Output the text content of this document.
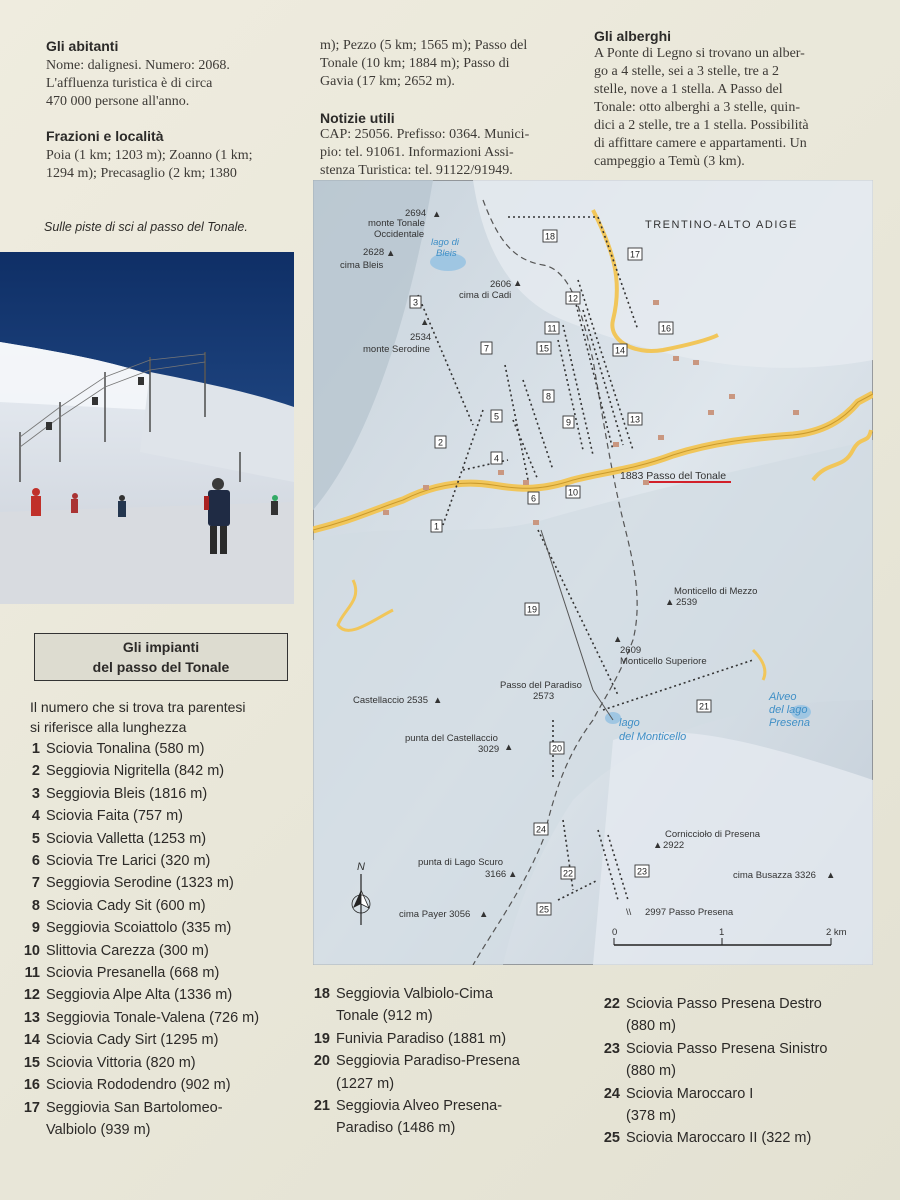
Gli abitanti
Nome: dalignesi. Numero: 2068.
L'affluenza turistica è di circa
470 000 persone all'anno.
Frazioni e località
Poia (1 km; 1203 m); Zoanno (1 km;
1294 m); Precasaglio (2 km; 1380
m); Pezzo (5 km; 1565 m); Passo del
Tonale (10 km; 1884 m); Passo di
Gavia (17 km; 2652 m).
Notizie utili
CAP: 25056. Prefisso: 0364. Munici-
pio: tel. 91061. Informazioni Assi-
stenza Turistica: tel. 91122/91949.
Gli alberghi
A Ponte di Legno si trovano un alber-
go a 4 stelle, sei a 3 stelle, tre a 2
stelle, nove a 1 stella. A Passo del
Tonale: otto alberghi a 3 stelle, quin-
dici a 2 stelle, tre a 1 stella. Possibilità
di affittare camere e appartamenti. Un
campeggio a Temù (3 km).
Sulle piste di sci al passo del Tonale.
Gli impianti
del passo del Tonale
Il numero che si trova tra parentesi
si riferisce alla lunghezza
1 Sciovia Tonalina (580 m)
2 Seggiovia Nigritella (842 m)
3 Seggiovia Bleis (1816 m)
4 Sciovia Faita (757 m)
5 Sciovia Valletta (1253 m)
6 Sciovia Tre Larici (320 m)
7 Seggiovia Serodine (1323 m)
8 Sciovia Cady Sit (600 m)
9 Seggiovia Scoiattolo (335 m)
10 Slittovia Carezza (300 m)
11 Sciovia Presanella (668 m)
12 Seggiovia Alpe Alta (1336 m)
13 Seggiovia Tonale-Valena (726 m)
14 Sciovia Cady Sirt (1295 m)
15 Sciovia Vittoria (820 m)
16 Sciovia Rododendro (902 m)
17 Seggiovia San Bartolomeo-
Valbiolo (939 m)
18 Seggiovia Valbiolo-Cima
Tonale (912 m)
19 Funivia Paradiso (1881 m)
20 Seggiovia Paradiso-Presena
(1227 m)
21 Seggiovia Alveo Presena-
Paradiso (1486 m)
22 Sciovia Passo Presena Destro
(880 m)
23 Sciovia Passo Presena Sinistro
(880 m)
24 Sciovia Maroccaro I
(378 m)
25 Sciovia Maroccaro II (322 m)
1
2
3
4
5
6
7
8
9
10
11
12
13
14
15
16
17
18
19
20
21
22	23
24
25
TRENTINO-ALTO ADIGE
1883 Passo del Tonale
lago di
Bleis
lago
del Monticello
Alveo
del lago
Presena
2694 ▲
monte Tonale
Occidentale
2628 ▲
cima Bleis
2606 ▲
cima di Cadi
▲
2534
monte Serodine
Monticello di Mezzo
▲ 2539
▲
2609
Monticello Superiore
Passo del Paradiso
2573
Castellaccio 2535 ▲
punta del Castellaccio
3029 ▲
Corniccioło di Presena
▲ 2922
punta di Lago Scuro
3166 ▲	cima Busazza 3326 ▲
cima Payer 3056 ▲	\\ 2997 Passo Presena
N
0	1	2 km
